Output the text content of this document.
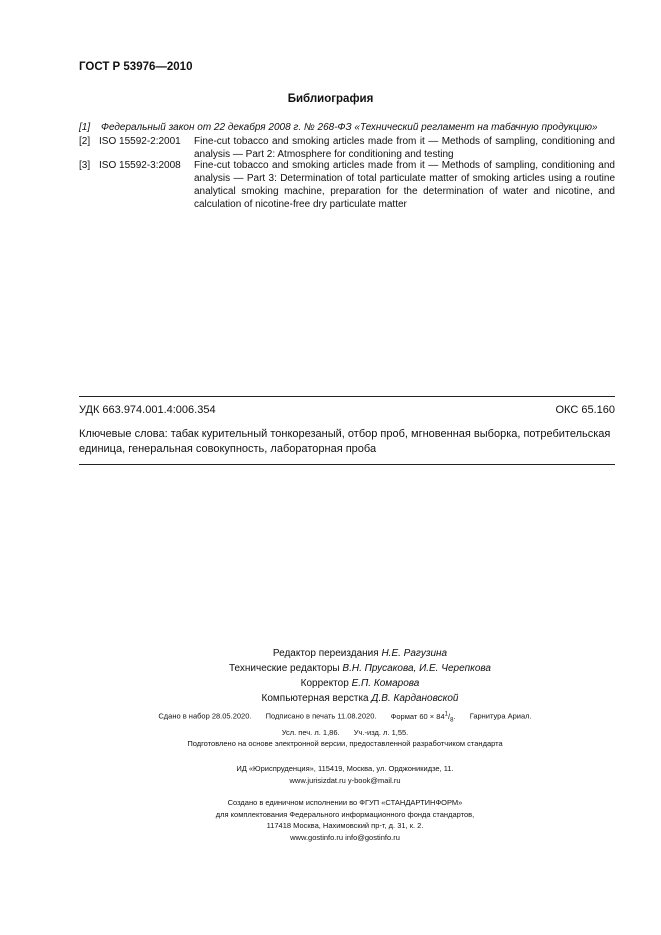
ГОСТ Р 53976—2010
Библиография
[1] Федеральный закон от 22 декабря 2008 г. № 268-ФЗ «Технический регламент на табачную продукцию»
[2] ISO 15592-2:2001 Fine-cut tobacco and smoking articles made from it — Methods of sampling, conditioning and analysis — Part 2: Atmosphere for conditioning and testing
[3] ISO 15592-3:2008 Fine-cut tobacco and smoking articles made from it — Methods of sampling, conditioning and analysis — Part 3: Determination of total particulate matter of smoking articles using a routine analytical smoking machine, preparation for the determination of water and nicotine, and calculation of nicotine-free dry particulate matter
УДК 663.974.001.4:006.354	ОКС 65.160
Ключевые слова: табак курительный тонкорезаный, отбор проб, мгновенная выборка, потребительская единица, генеральная совокупность, лабораторная проба
Редактор переиздания Н.Е. Рагузина
Технические редакторы В.Н. Прусакова, И.Е. Черепкова
Корректор Е.П. Комарова
Компьютерная верстка Д.В. Кардановской
Сдано в набор 28.05.2020. Подписано в печать 11.08.2020. Формат $60 \times 84^1/_8$. Гарнитура Ариал.
Усл. печ. л. 1,86. Уч.-изд. л. 1,55.
Подготовлено на основе электронной версии, предоставленной разработчиком стандарта
ИД «Юриспруденция», 115419, Москва, ул. Орджоникидзе, 11.
www.jurisizdat.ru y-book@mail.ru
Создано в единичном исполнении во ФГУП «СТАНДАРТИНФОРМ»
для комплектования Федерального информационного фонда стандартов,
117418 Москва, Нахимовский пр-т, д. 31, к. 2.
www.gostinfo.ru info@gostinfo.ru
